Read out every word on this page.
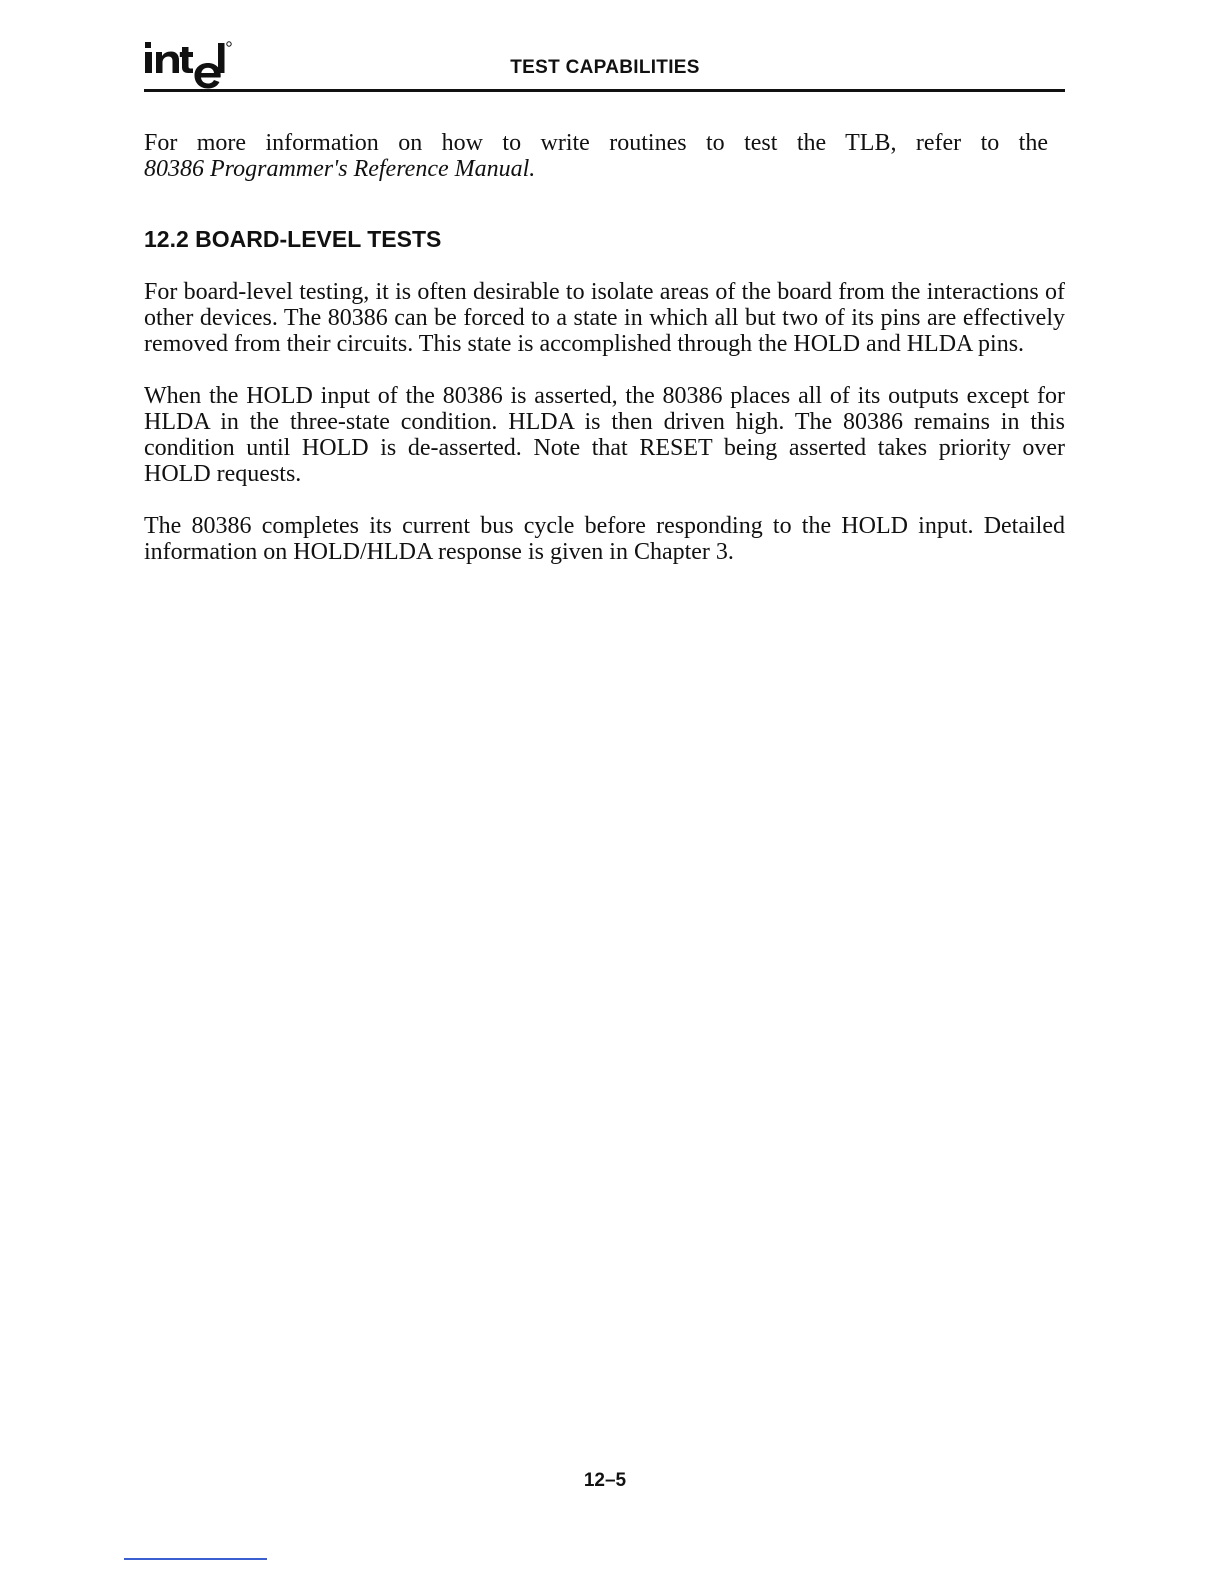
TEST CAPABILITIES

For more information on how to write routines to test the TLB, refer to the

80386 Programmer's Reference Manual.

12.2 BOARD-LEVEL TESTS

For board-level testing, it is often desirable to isolate areas of the board from the interactions of other devices. The 80386 can be forced to a state in which all but two of its pins are effectively removed from their circuits. This state is accomplished through the HOLD and HLDA pins.

When the HOLD input of the 80386 is asserted, the 80386 places all of its outputs except for HLDA in the three-state condition. HLDA is then driven high. The 80386 remains in this condition until HOLD is de-asserted. Note that RESET being asserted takes priority over HOLD requests.

The 80386 completes its current bus cycle before responding to the HOLD input. Detailed information on HOLD/HLDA response is given in Chapter 3.

12–5
